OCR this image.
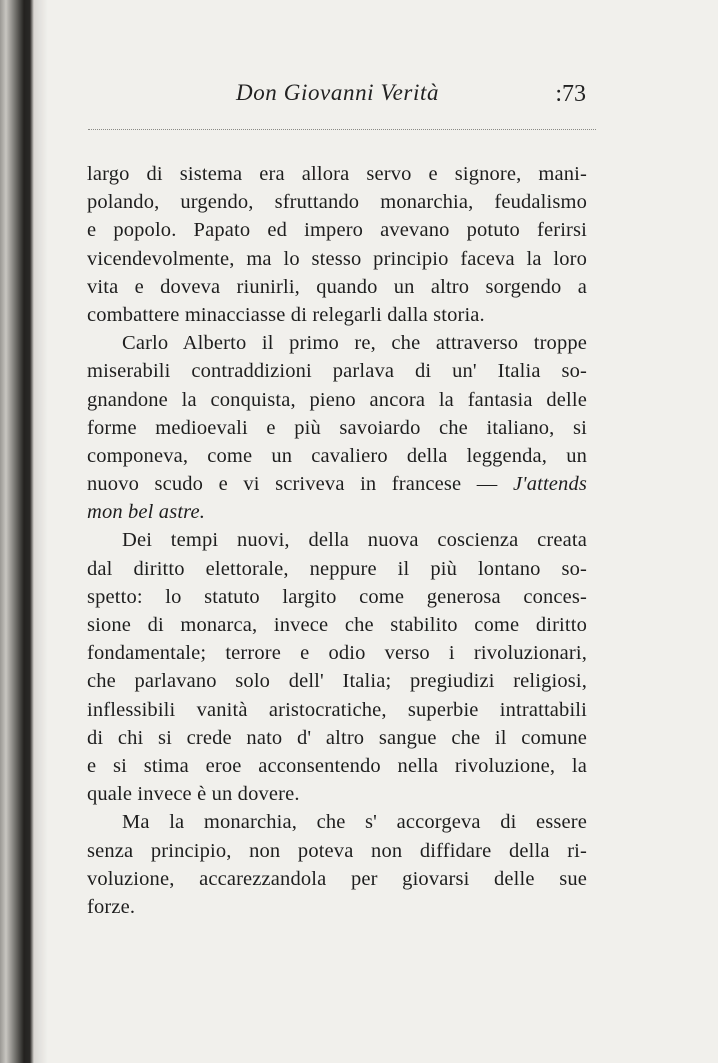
Don Giovanni Verità	:73
largo di sistema era allora servo e signore, mani-
polando, urgendo, sfruttando monarchia, feudalismo
e popolo. Papato ed impero avevano potuto ferirsi
vicendevolmente, ma lo stesso principio faceva la loro
vita e doveva riunirli, quando un altro sorgendo a
combattere minacciasse di relegarli dalla storia.
Carlo Alberto il primo re, che attraverso troppe
miserabili contraddizioni parlava di un' Italia so-
gnandone la conquista, pieno ancora la fantasia delle
forme medioevali e più savoiardo che italiano, si
componeva, come un cavaliero della leggenda, un
nuovo scudo e vi scriveva in francese — J'attends
mon bel astre.
Dei tempi nuovi, della nuova coscienza creata
dal diritto elettorale, neppure il più lontano so-
spetto: lo statuto largito come generosa conces-
sione di monarca, invece che stabilito come diritto
fondamentale; terrore e odio verso i rivoluzionari,
che parlavano solo dell' Italia; pregiudizi religiosi,
inflessibili vanità aristocratiche, superbie intrattabili
di chi si crede nato d' altro sangue che il comune
e si stima eroe acconsentendo nella rivoluzione, la
quale invece è un dovere.
Ma la monarchia, che s' accorgeva di essere
senza principio, non poteva non diffidare della ri-
voluzione, accarezzandola per giovarsi delle sue
forze.
